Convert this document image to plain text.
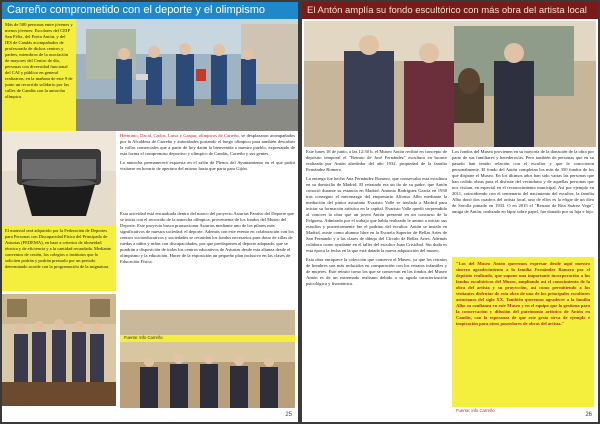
Carreño comprometido con el deporte y el olimpismo
Más de 500 personas entre jóvenes y menos jóvenes: Escolares del CEIP San Félix, del Poeta Antón, y del IES de Candás acompañados de profesorado de dichos centros y padres, miembros de la asociación de mayores del Centro de día, personas con diversidad funcional del CAI y público en general realizaron, en la mañana de este 9 de junio un recorrido solidario por las calles de Candás con la antorcha olímpica.

Herminio, Dacal, Carlos, Luisa y Gaspar, olímpicos de Carreño, se desplazaron acompañados por la Alcaldesa de Carreño y autoridades portando el fuego olímpico para también descubrir la vallas comerciales que a partir de hoy darán la bienvenida a nuestro pueblo, expresando de esta forma el compromiso deportivo y olímpico de Candás, Carreño y sus gentes.

La antorcha permanecerá expuesta en el salón de Plenos del Ayuntamiento en el que podrá visitarse en horario de apertura del mismo hasta que parta para Gijón.

El material será adquirido por la Federación de Deportes para Personas con Discapacidad Física del Principado de Asturias (FEDEMA), en base a criterios de idoneidad técnica y de eficiencia y a la cantidad recaudada. Mediante convenios de cesión, los colegios o institutos que lo soliciten podrán y podrán prestarlo por un periodo determinado acorde con la programación de la asignatura.
Esta actividad está encuadrada dentro del marco del proyecto Asturias Paraíso del Deporte que se inicia con el recorrido de la antorcha olímpica, proveniente de los fondos del Museo del Deporte. Este proyecto busca promocionar Asturias mediante uno de los pilares más significativos de nuestra sociedad: el deporte. Además con este evento en colaboración con los centros socioeducativos y sociedades se recaudan los fondos necesarios para dotar de sillas de ruedas a niños y niñas con discapacidades, por que predisponen al deporte adaptado, que se pondrán a disposición de todos los centros educativos de Asturias desde esta alianza desde el olimpismo y la educación. Hacer de la exposición un pequeño plan inclusivo en las clases de Educación Física.
Fuente: Info Carreño
25
El Antón amplía su fondo escultórico con más obra del artista local

Este lunes 18 de junio, a las 12:30 h. el Museo Antón recibió en concepto de depósito temporal el "Retrato de José Fernández" escultura en bronce realizada por Antón alrededor del año 1932, propiedad de la familia Fernández Romero.

La entrega fue hecha Ana Fernández Romero, que conservaba esta escultura en su domicilio de Madrid. El retratado era un tío de su padre, que Antón conoció durante su estancia en Madrid. Antonio Rodríguez García en 1930 tras conseguir el mecenazgo del empresario Alfonso Albo mediante la mediación del pintor asturiano Evaristo Valle se traslada a Madrid para iniciar su formación artística en la capital. Evaristo Valle quedó sorprendido al conocer la obra que un joven Antón presentó en un concurso de la Felguera. Admirado por el trabajo que había realizado le animó a iniciar sus estudios y posteriormente fue el padrino del escultor. Antón se instala en Madrid, asiste como alumno libre en la Escuela Superior de Bellas Artes de San Fernando y a las clases de dibujo del Círculo de Bellas Artes. Además colabora como ayudante en el taller del escultor Juan Cristóbal. Sin duda es esta época la fecha en la que está datada la nueva adquisición del museo.

Esta obra enriquece la colección que conserva el Museo, ya que los retratos de hombres son más reducidos en comparación con los retratos infantiles y de mujeres. Este retrato como los que se conservan en los fondos del Museo Antón es de un extremado realismo debido a su aguda caracterización psicológica y fisonómica.

Los fondos del Museo provienen en su mayoría de la donación de la obra por parte de sus familiares y herederos/as. Pero también de personas que en su pasado han tenido relación con el escultor y que le conocieron personalmente. El fondo del Antón completan los más de 350 fondos de los que dispone el Museo. En los últimos años han sido varias las personas que han cedido obras para el disfrute del vecindario y de aquellas personas que nos visitan, en especial en el reconocimiento municipal. Así por ejemplo en 2011, coincidiendo con el centenario del nacimiento del escultor, la familia Albo donó dos cuadros del artista local, uno de ellos es la efigie de un óleo de Sorolla pintado en 1933. O en 2015 el "Retrato de Rita Suárez Vega", amiga de Antón, realizado en lápiz sobre papel, fue donado por su hija e hijo.

"Los del Museo Antón queremos expresar desde aquí nuestro sincero agradecimiento a la familia Fernández Romero por el depósito realizado, que supone una importante incorporación a los fondos escultóricos del Museo, ampliando así el conocimiento de la obra del artista y su proyección, así como permitiendo a los visitantes disfrutar de esta obra de uno de los principales escultores asturianos del siglo XX. También queremos agradecer a la familia Albo su confianza en este Museo y en el equipo que lo gestiona para la conservación y difusión del patrimonio artístico de Antón en Candás, con la esperanza de que este gesto sirva de ejemplo e inspiración para otros poseedores de obras del artista."
Fuente: Info Carreño
26
